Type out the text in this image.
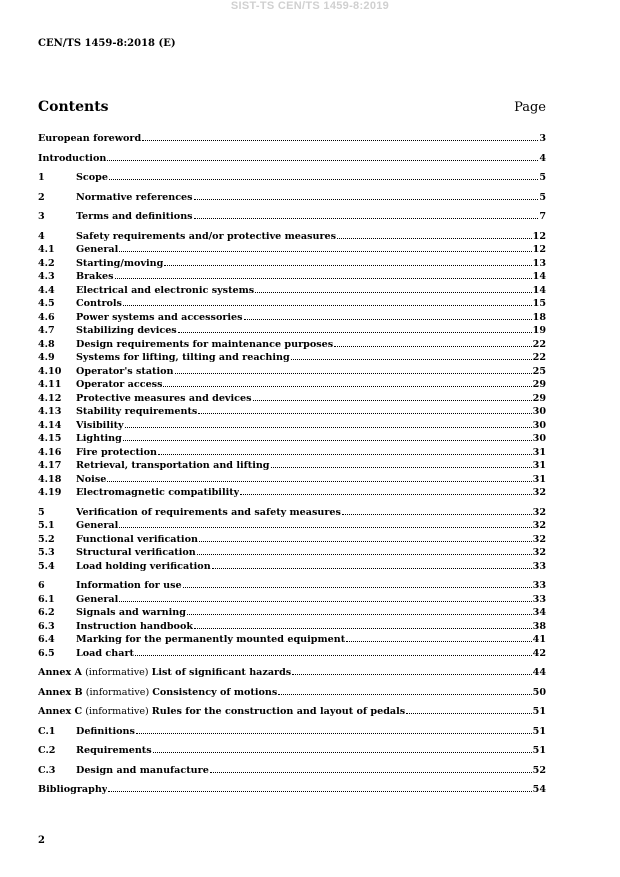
SIST-TS CEN/TS 1459-8:2019
CEN/TS 1459-8:2018 (E)
Contents	Page
European foreword	3
Introduction	4
1	Scope	5
2	Normative references	5
3	Terms and definitions	7
4	Safety requirements and/or protective measures	12
4.1	General	12
4.2	Starting/moving	13
4.3	Brakes	14
4.4	Electrical and electronic systems	14
4.5	Controls	15
4.6	Power systems and accessories	18
4.7	Stabilizing devices	19
4.8	Design requirements for maintenance purposes	22
4.9	Systems for lifting, tilting and reaching	22
4.10	Operator's station	25
4.11	Operator access	29
4.12	Protective measures and devices	29
4.13	Stability requirements	30
4.14	Visibility	30
4.15	Lighting	30
4.16	Fire protection	31
4.17	Retrieval, transportation and lifting	31
4.18	Noise	31
4.19	Electromagnetic compatibility	32
5	Verification of requirements and safety measures	32
5.1	General	32
5.2	Functional verification	32
5.3	Structural verification	32
5.4	Load holding verification	33
6	Information for use	33
6.1	General	33
6.2	Signals and warning	34
6.3	Instruction handbook	38
6.4	Marking for the permanently mounted equipment	41
6.5	Load chart	42
Annex A (informative) List of significant hazards	44
Annex B (informative) Consistency of motions	50
Annex C (informative) Rules for the construction and layout of pedals	51
C.1	Definitions	51
C.2	Requirements	51
C.3	Design and manufacture	52
Bibliography	54
2
